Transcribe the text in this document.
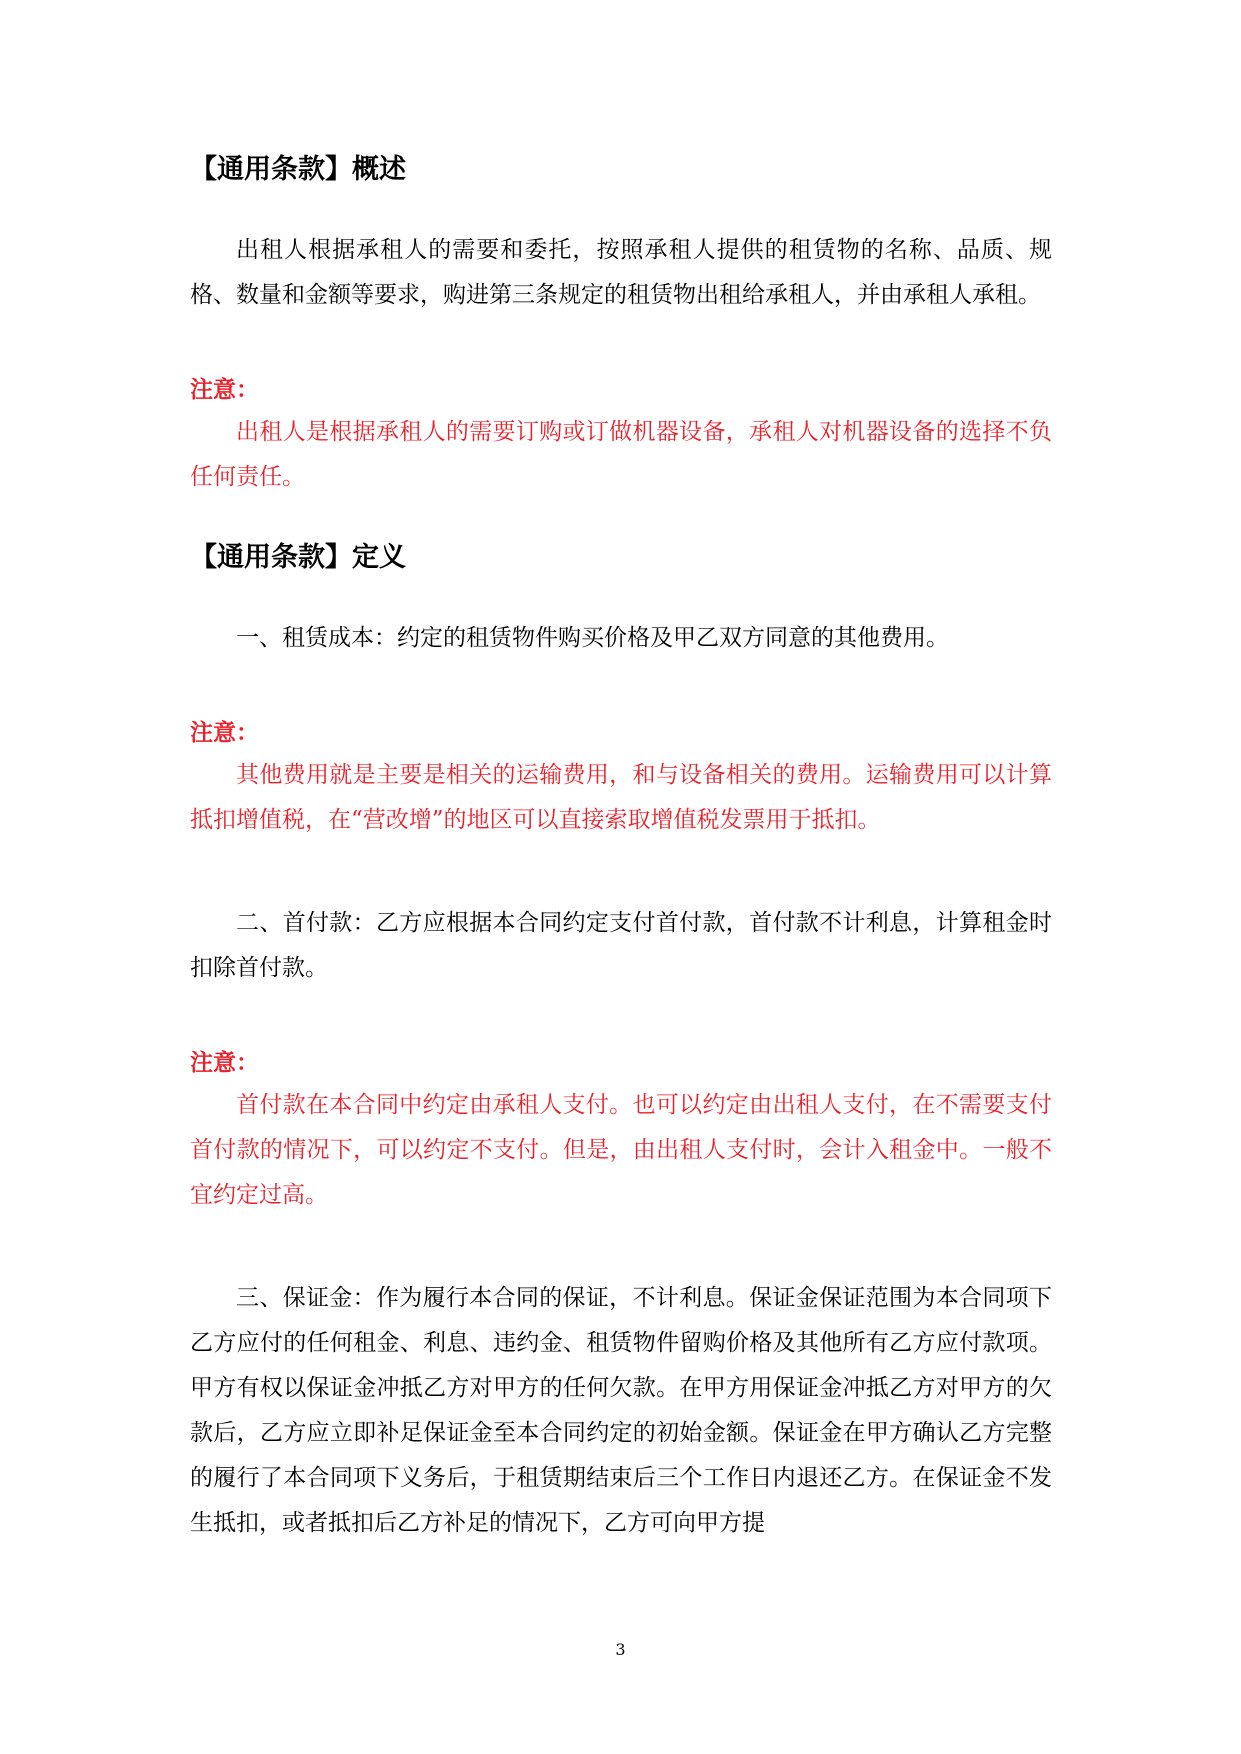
【通用条款】概述

出租人根据承租人的需要和委托，按照承租人提供的租赁物的名称、品质、规格、数量和金额等要求，购进第三条规定的租赁物出租给承租人，并由承租人承租。

注意：

出租人是根据承租人的需要订购或订做机器设备，承租人对机器设备的选择不负任何责任。

【通用条款】定义

一、租赁成本：约定的租赁物件购买价格及甲乙双方同意的其他费用。

注意：

其他费用就是主要是相关的运输费用，和与设备相关的费用。运输费用可以计算抵扣增值税，在“营改增”的地区可以直接索取增值税发票用于抵扣。

二、首付款：乙方应根据本合同约定支付首付款，首付款不计利息，计算租金时扣除首付款。

注意：

首付款在本合同中约定由承租人支付。也可以约定由出租人支付，在不需要支付首付款的情况下，可以约定不支付。但是，由出租人支付时，会计入租金中。一般不宜约定过高。

三、保证金：作为履行本合同的保证，不计利息。保证金保证范围为本合同项下乙方应付的任何租金、利息、违约金、租赁物件留购价格及其他所有乙方应付款项。甲方有权以保证金冲抵乙方对甲方的任何欠款。在甲方用保证金冲抵乙方对甲方的欠款后，乙方应立即补足保证金至本合同约定的初始金额。保证金在甲方确认乙方完整的履行了本合同项下义务后，于租赁期结束后三个工作日内退还乙方。在保证金不发生抵扣，或者抵扣后乙方补足的情况下，乙方可向甲方提

3
